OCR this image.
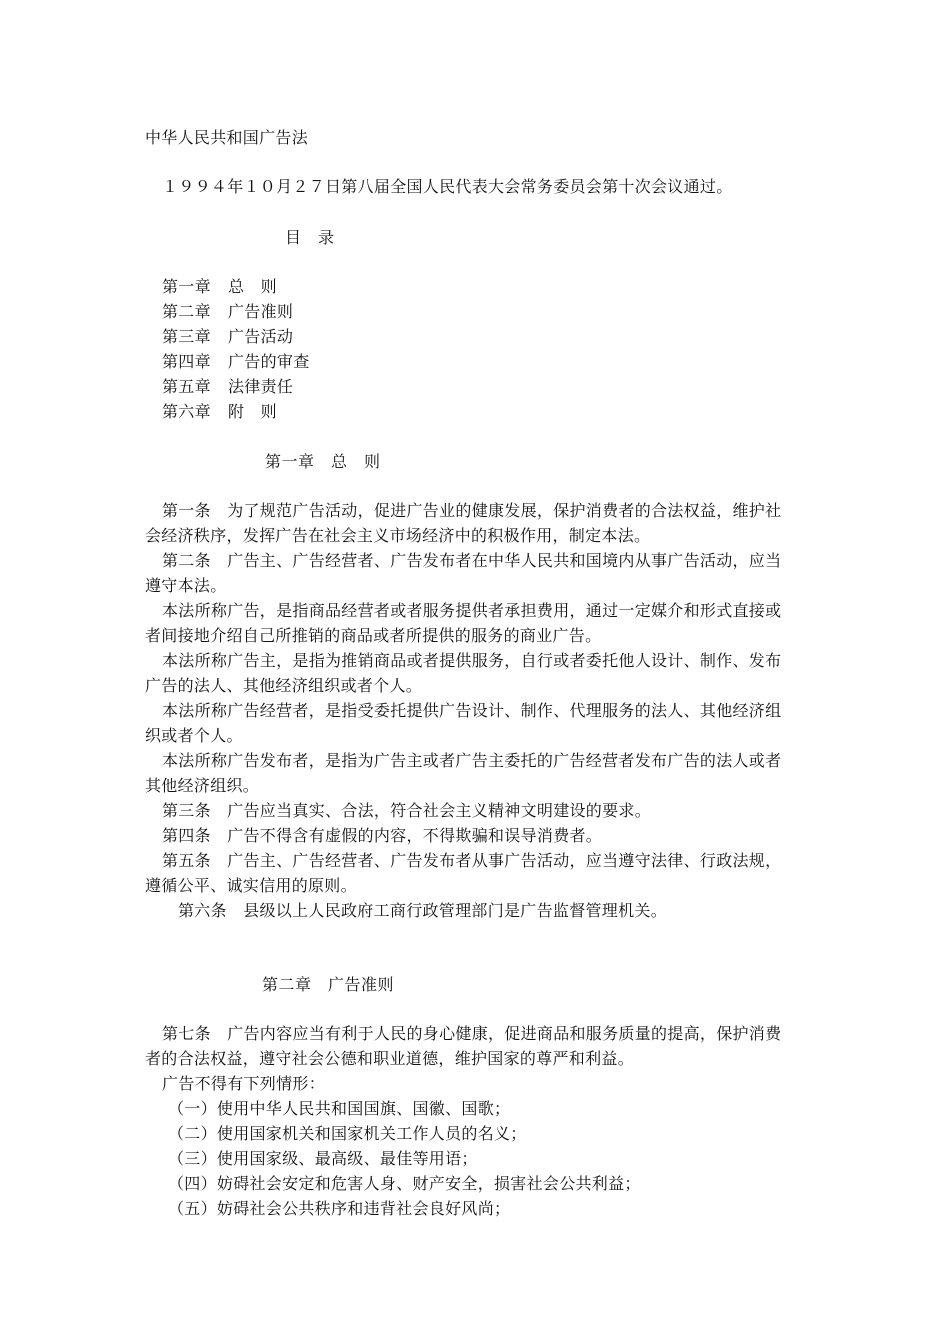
中华人民共和国广告法
１９９４年１０月２７日第八届全国人民代表大会常务委员会第十次会议通过。
目　录
第一章 总　则
第二章 广告准则
第三章 广告活动
第四章 广告的审查
第五章 法律责任
第六章 附　则
第一章　总　则
第一条　为了规范广告活动，促进广告业的健康发展，保护消费者的合法权益，维护社
会经济秩序，发挥广告在社会主义市场经济中的积极作用，制定本法。
第二条　广告主、广告经营者、广告发布者在中华人民共和国境内从事广告活动，应当
遵守本法。
本法所称广告，是指商品经营者或者服务提供者承担费用，通过一定媒介和形式直接或
者间接地介绍自己所推销的商品或者所提供的服务的商业广告。
本法所称广告主，是指为推销商品或者提供服务，自行或者委托他人设计、制作、发布
广告的法人、其他经济组织或者个人。
本法所称广告经营者，是指受委托提供广告设计、制作、代理服务的法人、其他经济组
织或者个人。
本法所称广告发布者，是指为广告主或者广告主委托的广告经营者发布广告的法人或者
其他经济组织。
第三条　广告应当真实、合法，符合社会主义精神文明建设的要求。
第四条　广告不得含有虚假的内容，不得欺骗和误导消费者。
第五条　广告主、广告经营者、广告发布者从事广告活动，应当遵守法律、行政法规，
遵循公平、诚实信用的原则。
第六条　县级以上人民政府工商行政管理部门是广告监督管理机关。
第二章　广告准则
第七条　广告内容应当有利于人民的身心健康，促进商品和服务质量的提高，保护消费
者的合法权益，遵守社会公德和职业道德，维护国家的尊严和利益。
广告不得有下列情形：
（一）使用中华人民共和国国旗、国徽、国歌；
（二）使用国家机关和国家机关工作人员的名义；
（三）使用国家级、最高级、最佳等用语；
（四）妨碍社会安定和危害人身、财产安全，损害社会公共利益；
（五）妨碍社会公共秩序和违背社会良好风尚；
